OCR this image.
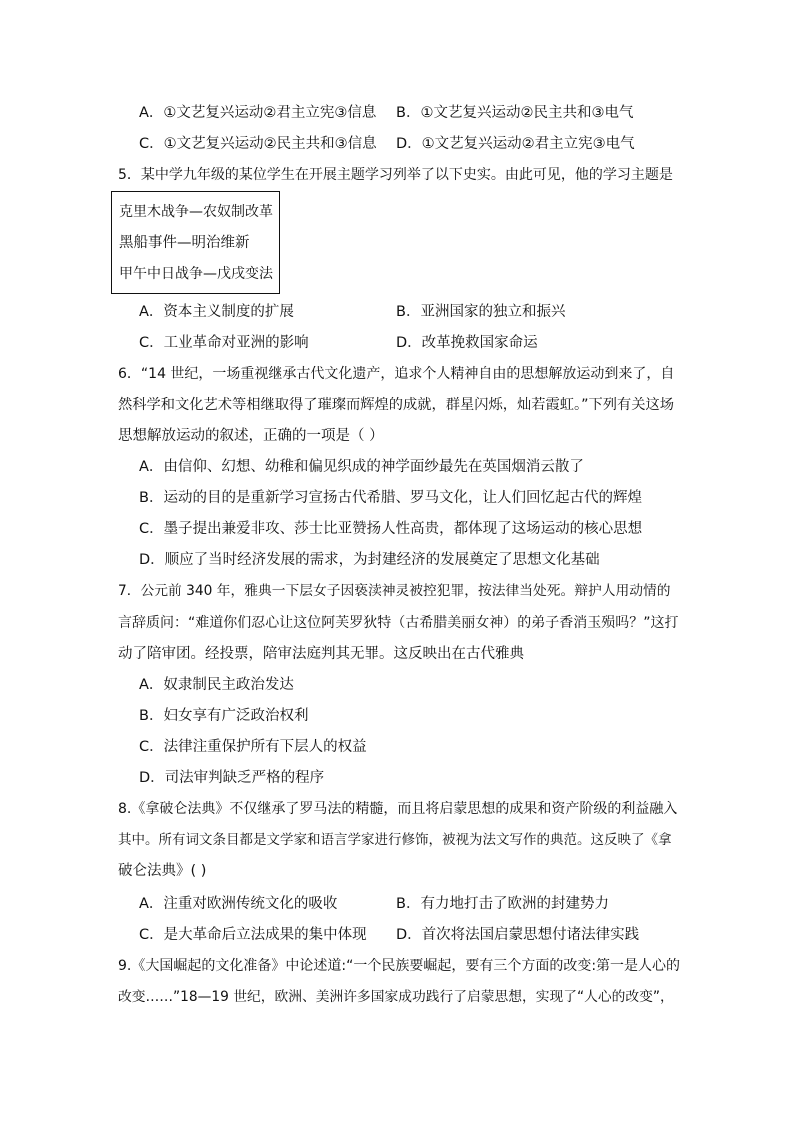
A．①文艺复兴运动②君主立宪③信息 B．①文艺复兴运动②民主共和③电气
C．①文艺复兴运动②民主共和③信息 D．①文艺复兴运动②君主立宪③电气
5．某中学九年级的某位学生在开展主题学习列举了以下史实。由此可见，他的学习主题是
克里木战争—农奴制改革
黑船事件—明治维新
甲午中日战争—戊戌变法
A．资本主义制度的扩展	B．亚洲国家的独立和振兴
C．工业革命对亚洲的影响	D．改革挽救国家命运
6．“14 世纪，一场重视继承古代文化遗产，追求个人精神自由的思想解放运动到来了，自
然科学和文化艺术等相继取得了璀璨而辉煌的成就，群星闪烁，灿若霞虹。”下列有关这场
思想解放运动的叙述，正确的一项是（ ）
A．由信仰、幻想、幼稚和偏见织成的神学面纱最先在英国烟消云散了
B．运动的目的是重新学习宣扬古代希腊、罗马文化，让人们回忆起古代的辉煌
C．墨子提出兼爱非攻、莎士比亚赞扬人性高贵，都体现了这场运动的核心思想
D．顺应了当时经济发展的需求，为封建经济的发展奠定了思想文化基础
7．公元前 340 年，雅典一下层女子因亵渎神灵被控犯罪，按法律当处死。辩护人用动情的
言辞质问：“难道你们忍心让这位阿芙罗狄特（古希腊美丽女神）的弟子香消玉殒吗？”这打
动了陪审团。经投票，陪审法庭判其无罪。这反映出在古代雅典
A．奴隶制民主政治发达
B．妇女享有广泛政治权利
C．法律注重保护所有下层人的权益
D．司法审判缺乏严格的程序
8.《拿破仑法典》不仅继承了罗马法的精髓，而且将启蒙思想的成果和资产阶级的利益融入
其中。所有词文条目都是文学家和语言学家进行修饰，被视为法文写作的典范。这反映了《拿
破仑法典》( )
A．注重对欧洲传统文化的吸收	B．有力地打击了欧洲的封建势力
C．是大革命后立法成果的集中体现 D．首次将法国启蒙思想付诸法律实践
9.《大国崛起的文化准备》中论述道:“一个民族要崛起，要有三个方面的改变:第一是人心的
改变……”18—19 世纪，欧洲、美洲许多国家成功践行了启蒙思想，实现了“人心的改变”，
